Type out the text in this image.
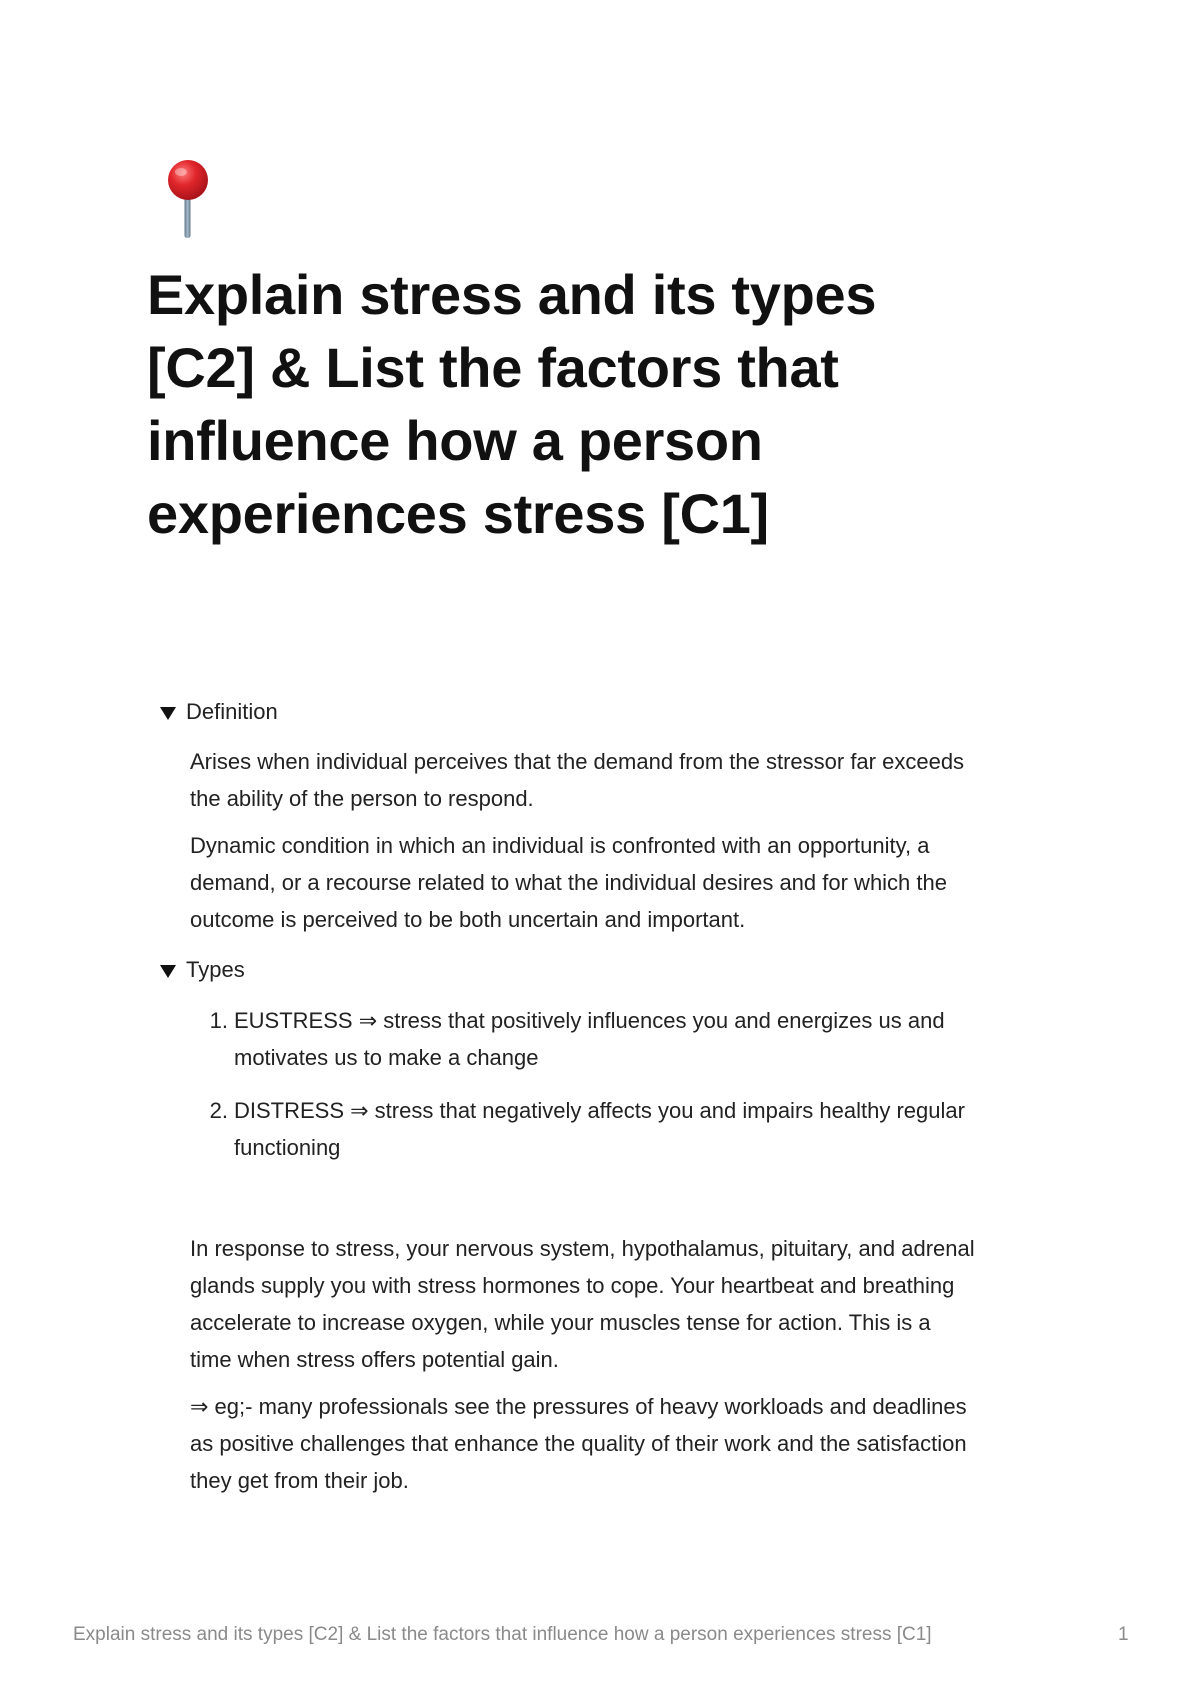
Explain stress and its types
[C2] & List the factors that
influence how a person
experiences stress [C1]
Definition

Arises when individual perceives that the demand from the stressor far exceeds
the ability of the person to respond.

Dynamic condition in which an individual is confronted with an opportunity, a
demand, or a recourse related to what the individual desires and for which the
outcome is perceived to be both uncertain and important.

Types
1. EUSTRESS ⇒ stress that positively influences you and energizes us and
motivates us to make a change
2. DISTRESS ⇒ stress that negatively affects you and impairs healthy regular
functioning

In response to stress, your nervous system, hypothalamus, pituitary, and adrenal
glands supply you with stress hormones to cope. Your heartbeat and breathing
accelerate to increase oxygen, while your muscles tense for action. This is a
time when stress offers potential gain.

⇒ eg;- many professionals see the pressures of heavy workloads and deadlines
as positive challenges that enhance the quality of their work and the satisfaction
they get from their job.

Explain stress and its types [C2] & List the factors that influence how a person experiences stress [C1]	1
